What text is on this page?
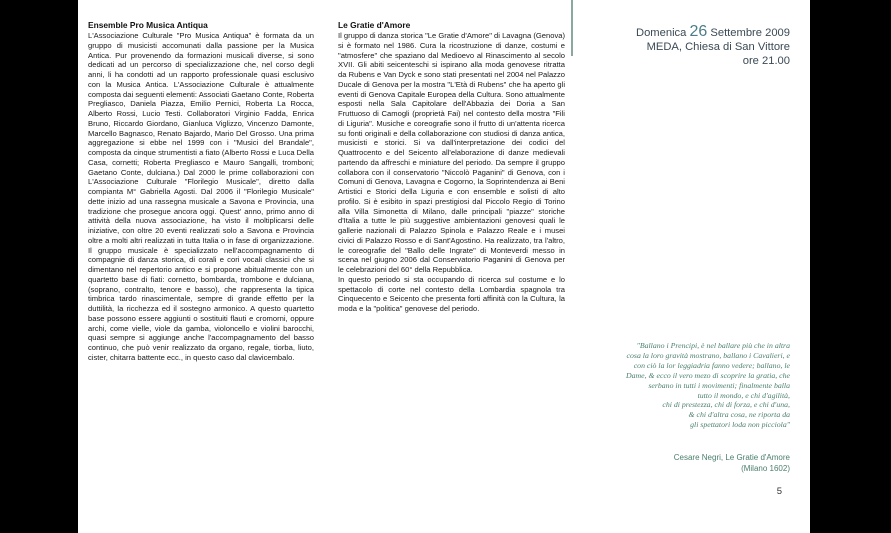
Ensemble Pro Musica Antiqua

L'Associazione Culturale "Pro Musica Antiqua" è formata da un gruppo di musicisti accomunati dalla passione per la Musica Antica. Pur provenendo da formazioni musicali diverse, si sono dedicati ad un percorso di specializzazione che, nel corso degli anni, li ha condotti ad un rapporto professionale quasi esclusivo con la Musica Antica. L'Associazione Culturale è attualmente composta dai seguenti elementi: Associati Gaetano Conte, Roberta Pregliasco, Daniela Piazza, Emilio Pernici, Roberta La Rocca, Alberto Rossi, Lucio Testi. Collaboratori Virginio Fadda, Enrica Bruno, Riccardo Giordano, Gianluca Viglizzo, Vincenzo Damonte, Marcello Bagnasco, Renato Bajardo, Mario Del Grosso. Una prima aggregazione si ebbe nel 1999 con i "Musici del Brandale", composta da cinque strumentisti a fiato (Alberto Rossi e Luca Della Casa, cornetti; Roberta Pregliasco e Mauro Sangalli, tromboni; Gaetano Conte, dulciana.) Dal 2000 le prime collaborazioni con L'Associazione Culturale "Florilegio Musicale", diretto dalla compianta M° Gabriella Agosti. Dal 2006 il "Florilegio Musicale" dette inizio ad una rassegna musicale a Savona e Provincia, una tradizione che prosegue ancora oggi. Quest' anno, primo anno di attività della nuova associazione, ha visto il moltiplicarsi delle iniziative, con oltre 20 eventi realizzati solo a Savona e Provincia oltre a molti altri realizzati in tutta Italia o in fase di organizzazione. Il gruppo musicale è specializzato nell'accompagnamento di compagnie di danza storica, di corali e cori vocali classici che si dimentano nel repertorio antico e si propone abitualmente con un quartetto base di fiati: cornetto, bombarda, trombone e dulciana, (soprano, contralto, tenore e basso), che rappresenta la tipica timbrica tardo rinascimentale, sempre di grande effetto per la duttilità, la ricchezza ed il sostegno armonico. A questo quartetto base possono essere aggiunti o sostituiti flauti e cromorni, oppure archi, come vielle, viole da gamba, violoncello e violini barocchi, quasi sempre si aggiunge anche l'accompagnamento del basso continuo, che può venir realizzato da organo, regale, tiorba, liuto, cister, chitarra battente ecc., in questo caso dal clavicembalo.

Le Gratie d'Amore

Il gruppo di danza storica "Le Gratie d'Amore" di Lavagna (Genova) si è formato nel 1986. Cura la ricostruzione di danze, costumi e "atmosfere" che spaziano dal Medioevo al Rinascimento al secolo XVII. Gli abiti seicenteschi si ispirano alla moda genovese ritratta da Rubens e Van Dyck e sono stati presentati nel 2004 nel Palazzo Ducale di Genova per la mostra "L'Età di Rubens" che ha aperto gli eventi di Genova Capitale Europea della Cultura. Sono attualmente esposti nella Sala Capitolare dell'Abbazia dei Doria a San Fruttuoso di Camogli (proprietà Fai) nel contesto della mostra "Fili di Liguria". Musiche e coreografie sono il frutto di un'attenta ricerca su fonti originali e della collaborazione con studiosi di danza antica, musicisti e storici. Si va dall'interpretazione dei codici del Quattrocento e del Seicento all'elaborazione di danze medievali partendo da affreschi e miniature del periodo. Da sempre il gruppo collabora con il conservatorio "Niccolò Paganini" di Genova, con i Comuni di Genova, Lavagna e Cogorno, la Soprintendenza ai Beni Artistici e Storici della Liguria e con ensemble e solisti di alto profilo. Si è esibito in spazi prestigiosi dal Piccolo Regio di Torino alla Villa Simonetta di Milano, dalle principali "piazze" storiche d'Italia a tutte le più suggestive ambientazioni genovesi quali le gallerie nazionali di Palazzo Spinola e Palazzo Reale e i musei civici di Palazzo Rosso e di Sant'Agostino. Ha realizzato, tra l'altro, le coreografie del "Ballo delle Ingrate" di Monteverdi messo in scena nel giugno 2006 dal Conservatorio Paganini di Genova per le celebrazioni del 60° della Repubblica.

In questo periodo si sta occupando di ricerca sul costume e lo spettacolo di corte nel contesto della Lombardia spagnola tra Cinquecento e Seicento che presenta forti affinità con la Cultura, la moda e la "politica" genovese del periodo.

Domenica 26 Settembre 2009
MEDA, Chiesa di San Vittore
ore 21.00
"Ballano i Prencipi, è nel ballare più che in altra
cosa la loro gravità mostrano, ballano i Cavalieri, e
con ciò la lor leggiadria fanno vedere; ballano, le
Dame, & ecco il vero mezo di scoprire la gratia, che
serbano in tutti i movimenti; finalmente balla
tutto il mondo, e chi d'agilità,
chi di prestezza, chi di forza, e chi d'una,
& chi d'altra cosa, ne riporta da
gli spettatori loda non picciola"
Cesare Negri, Le Gratie d'Amore
(Milano 1602)
5
